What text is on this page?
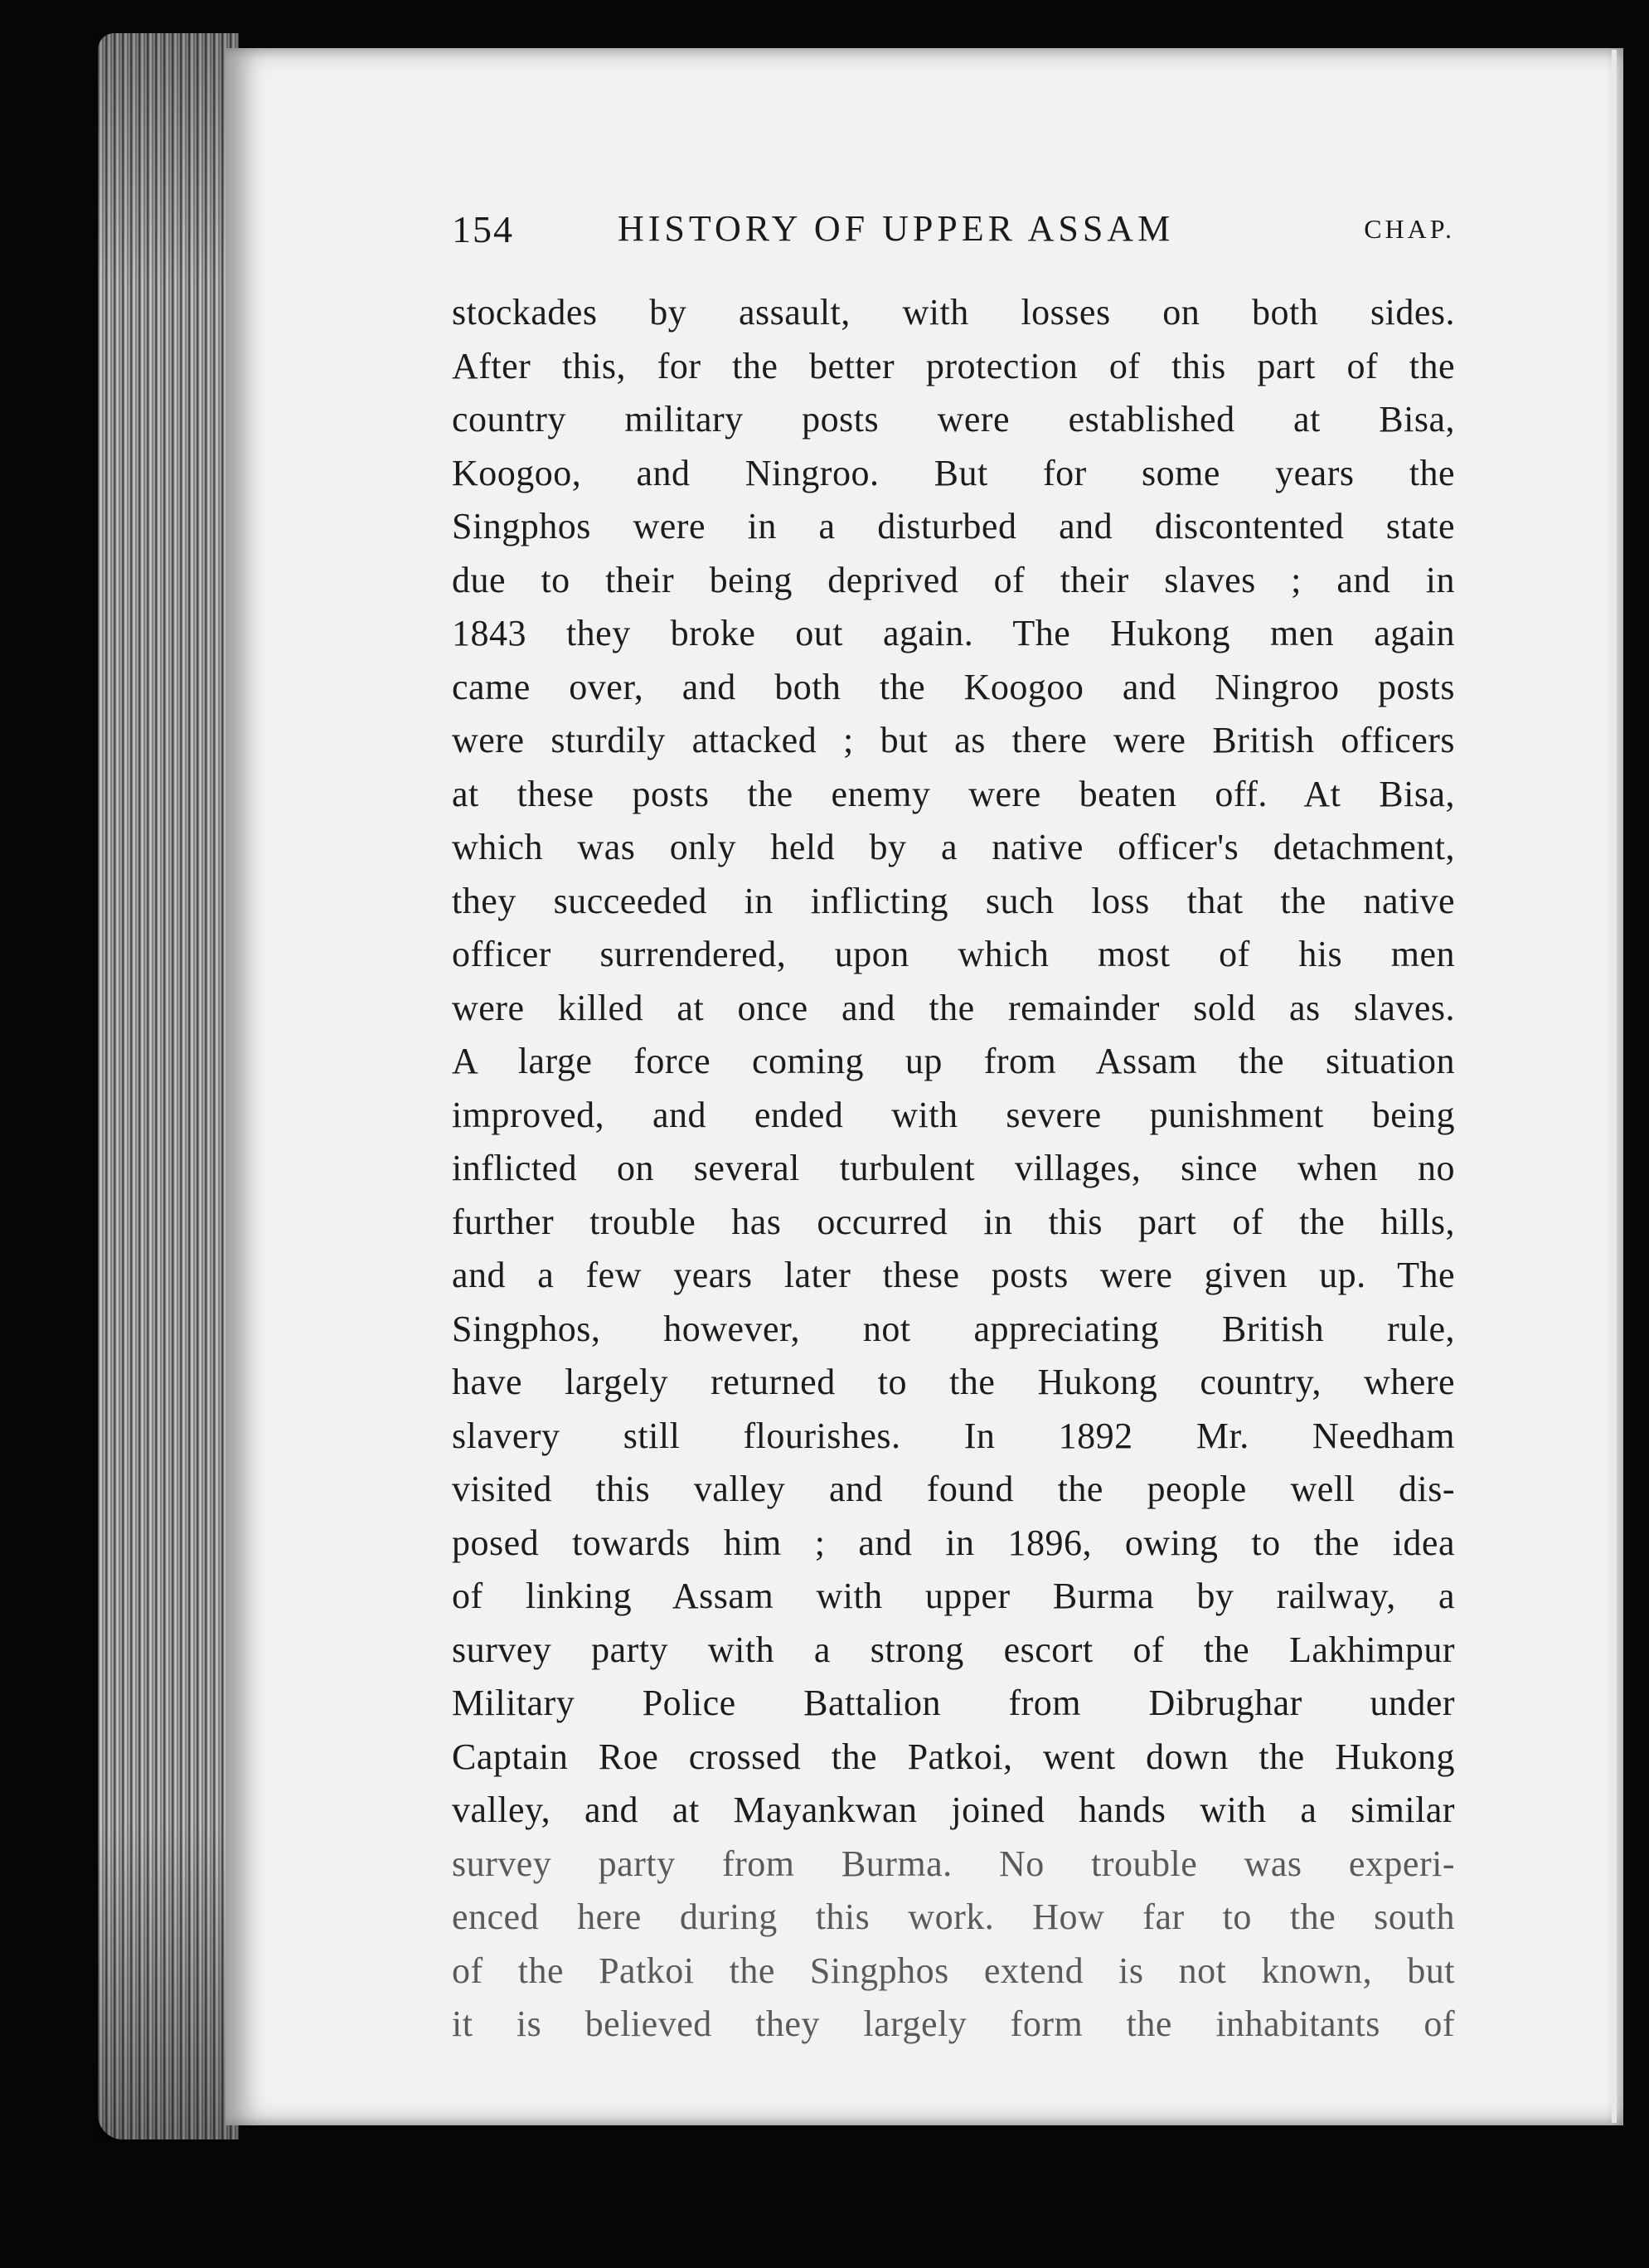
154	HISTORY OF UPPER ASSAM	CHAP.
stockades by assault, with losses on both sides.
After this, for the better protection of this part of the
country military posts were established at Bisa,
Koogoo, and Ningroo. But for some years the
Singphos were in a disturbed and discontented state
due to their being deprived of their slaves ; and in
1843 they broke out again. The Hukong men again
came over, and both the Koogoo and Ningroo posts
were sturdily attacked ; but as there were British officers
at these posts the enemy were beaten off. At Bisa,
which was only held by a native officer's detachment,
they succeeded in inflicting such loss that the native
officer surrendered, upon which most of his men
were killed at once and the remainder sold as slaves.
A large force coming up from Assam the situation
improved, and ended with severe punishment being
inflicted on several turbulent villages, since when no
further trouble has occurred in this part of the hills,
and a few years later these posts were given up. The
Singphos, however, not appreciating British rule,
have largely returned to the Hukong country, where
slavery still flourishes. In 1892 Mr. Needham
visited this valley and found the people well dis-
posed towards him ; and in 1896, owing to the idea
of linking Assam with upper Burma by railway, a
survey party with a strong escort of the Lakhimpur
Military Police Battalion from Dibrughar under
Captain Roe crossed the Patkoi, went down the Hukong
valley, and at Mayankwan joined hands with a similar
survey party from Burma. No trouble was experi-
enced here during this work. How far to the south
of the Patkoi the Singphos extend is not known, but
it is believed they largely form the inhabitants of
